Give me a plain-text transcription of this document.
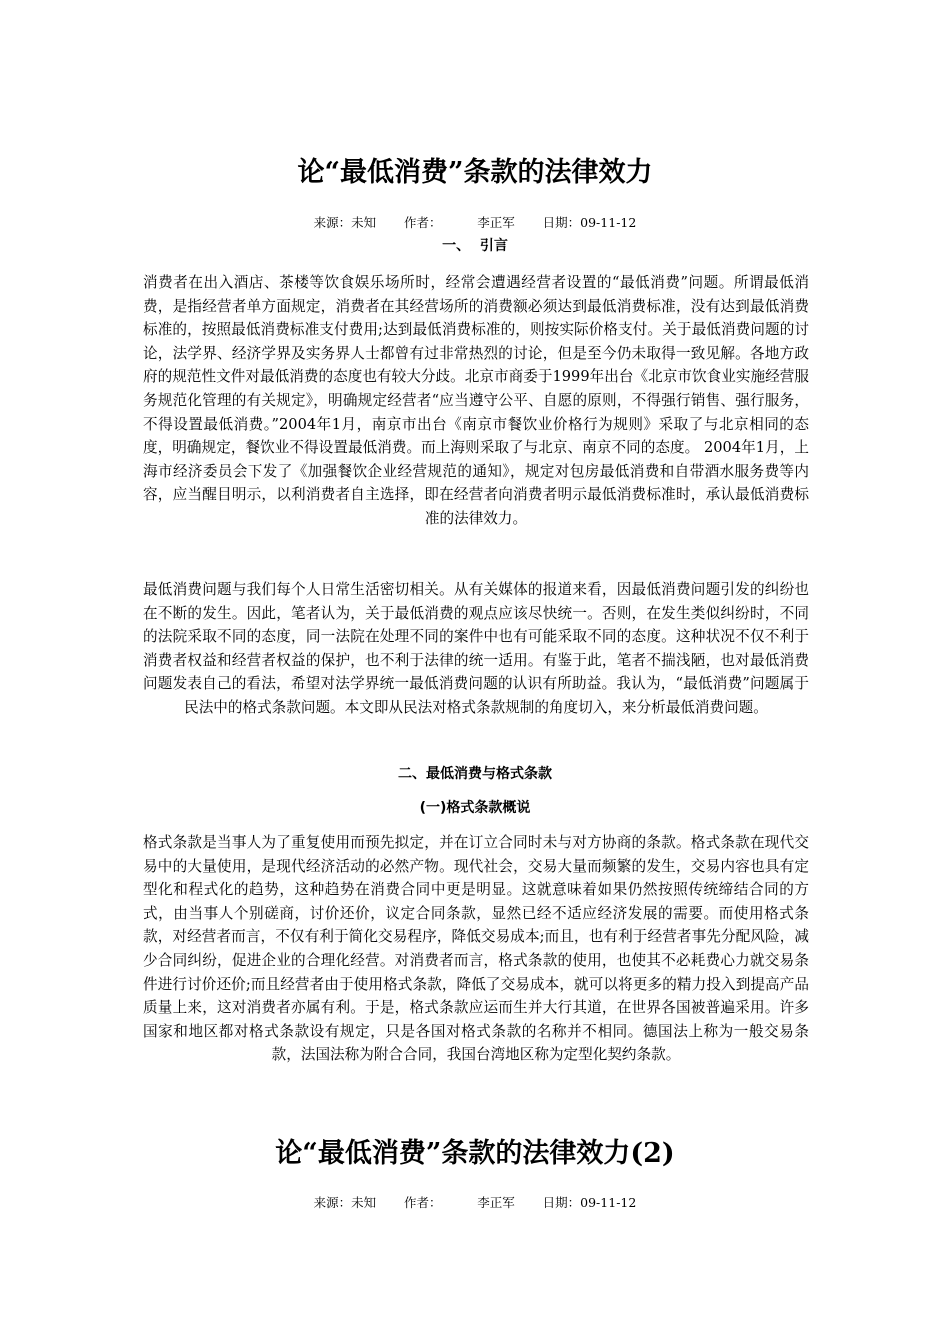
论“最低消费”条款的法律效力
来源：未知 作者：	李正军 日期：09-11-12
一、  引言

消费者在出入酒店、茶楼等饮食娱乐场所时，经常会遭遇经营者设置的“最低消费”问题。所谓最低消费，是指经营者单方面规定，消费者在其经营场所的消费额必须达到最低消费标准，没有达到最低消费标准的，按照最低消费标准支付费用;达到最低消费标准的，则按实际价格支付。关于最低消费问题的讨论，法学界、经济学界及实务界人士都曾有过非常热烈的讨论，但是至今仍未取得一致见解。各地方政府的规范性文件对最低消费的态度也有较大分歧。北京市商委于1999年出台《北京市饮食业实施经营服务规范化管理的有关规定》，明确规定经营者“应当遵守公平、自愿的原则，不得强行销售、强行服务，不得设置最低消费。”2004年1月，南京市出台《南京市餐饮业价格行为规则》采取了与北京相同的态度，明确规定，餐饮业不得设置最低消费。而上海则采取了与北京、南京不同的态度。 2004年1月，上海市经济委员会下发了《加强餐饮企业经营规范的通知》，规定对包房最低消费和自带酒水服务费等内容，应当醒目明示，以利消费者自主选择，即在经营者向消费者明示最低消费标准时，承认最低消费标准的法律效力。

最低消费问题与我们每个人日常生活密切相关。从有关媒体的报道来看，因最低消费问题引发的纠纷也在不断的发生。因此，笔者认为，关于最低消费的观点应该尽快统一。否则，在发生类似纠纷时，不同的法院采取不同的态度，同一法院在处理不同的案件中也有可能采取不同的态度。这种状况不仅不利于消费者权益和经营者权益的保护，也不利于法律的统一适用。有鉴于此，笔者不揣浅陋，也对最低消费问题发表自己的看法，希望对法学界统一最低消费问题的认识有所助益。我认为，“最低消费”问题属于民法中的格式条款问题。本文即从民法对格式条款规制的角度切入，来分析最低消费问题。

二、最低消费与格式条款
(一)格式条款概说

格式条款是当事人为了重复使用而预先拟定，并在订立合同时未与对方协商的条款。格式条款在现代交易中的大量使用，是现代经济活动的必然产物。现代社会，交易大量而频繁的发生，交易内容也具有定型化和程式化的趋势，这种趋势在消费合同中更是明显。这就意味着如果仍然按照传统缔结合同的方式，由当事人个别磋商，讨价还价，议定合同条款，显然已经不适应经济发展的需要。而使用格式条款，对经营者而言，不仅有利于简化交易程序，降低交易成本;而且，也有利于经营者事先分配风险，减少合同纠纷，促进企业的合理化经营。对消费者而言，格式条款的使用，也使其不必耗费心力就交易条件进行讨价还价;而且经营者由于使用格式条款，降低了交易成本，就可以将更多的精力投入到提高产品质量上来，这对消费者亦属有利。于是，格式条款应运而生并大行其道，在世界各国被普遍采用。许多国家和地区都对格式条款设有规定，只是各国对格式条款的名称并不相同。德国法上称为一般交易条款，法国法称为附合合同，我国台湾地区称为定型化契约条款。

论“最低消费”条款的法律效力(2)
来源：未知 作者：	李正军 日期：09-11-12
